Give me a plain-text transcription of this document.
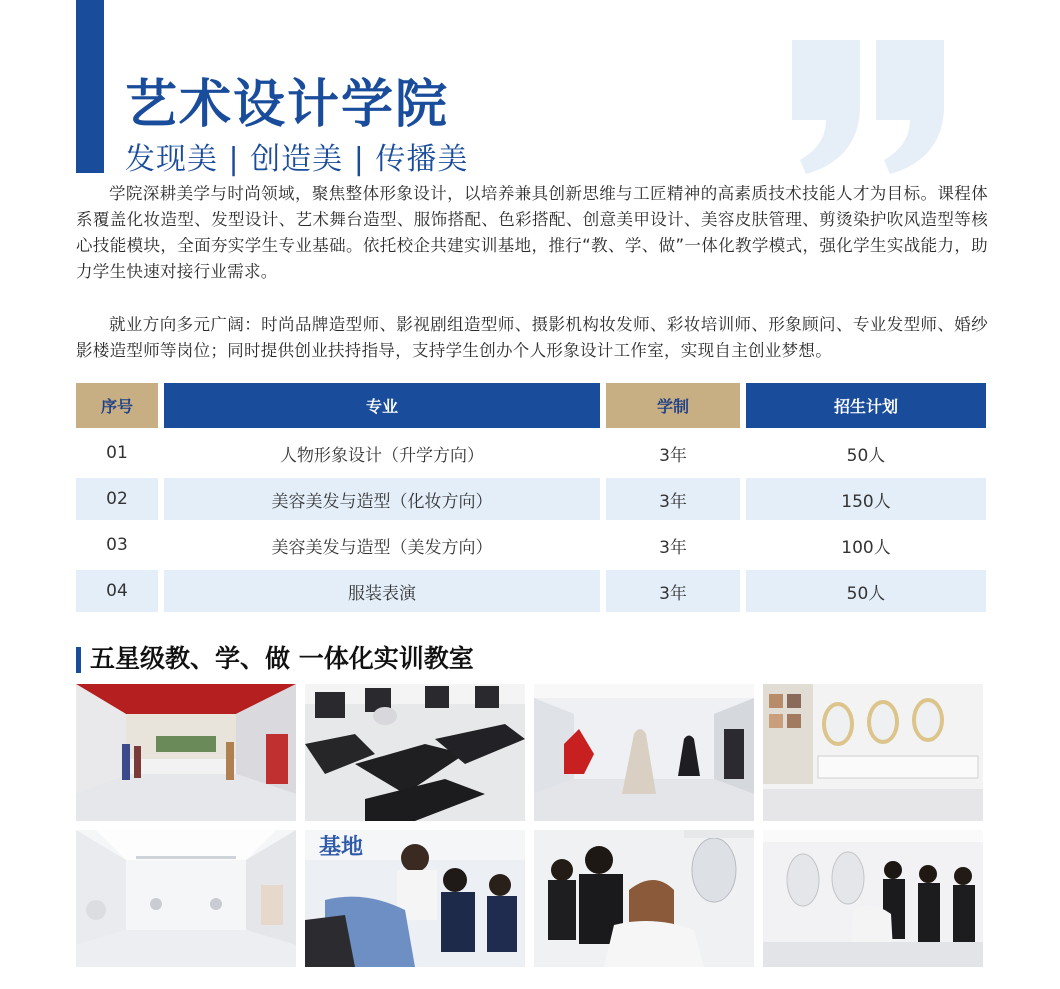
艺术设计学院

发现美 | 创造美 | 传播美

学院深耕美学与时尚领域，聚焦整体形象设计，以培养兼具创新思维与工匠精神的高素质技术技能人才为目标。课程体系覆盖化妆造型、发型设计、艺术舞台造型、服饰搭配、色彩搭配、创意美甲设计、美容皮肤管理、剪烫染护吹风造型等核心技能模块，全面夯实学生专业基础。依托校企共建实训基地，推行“教、学、做”一体化教学模式，强化学生实战能力，助力学生快速对接行业需求。

就业方向多元广阔：时尚品牌造型师、影视剧组造型师、摄影机构妆发师、彩妆培训师、形象顾问、专业发型师、婚纱影楼造型师等岗位；同时提供创业扶持指导，支持学生创办个人形象设计工作室，实现自主创业梦想。

序号	专业	学制	招生计划
01	人物形象设计（升学方向）	3年	50人
02	美容美发与造型（化妆方向）	3年	150人
03	美容美发与造型（美发方向）	3年	100人
04	服装表演	3年	50人
五星级教、学、做 一体化实训教室
基地
